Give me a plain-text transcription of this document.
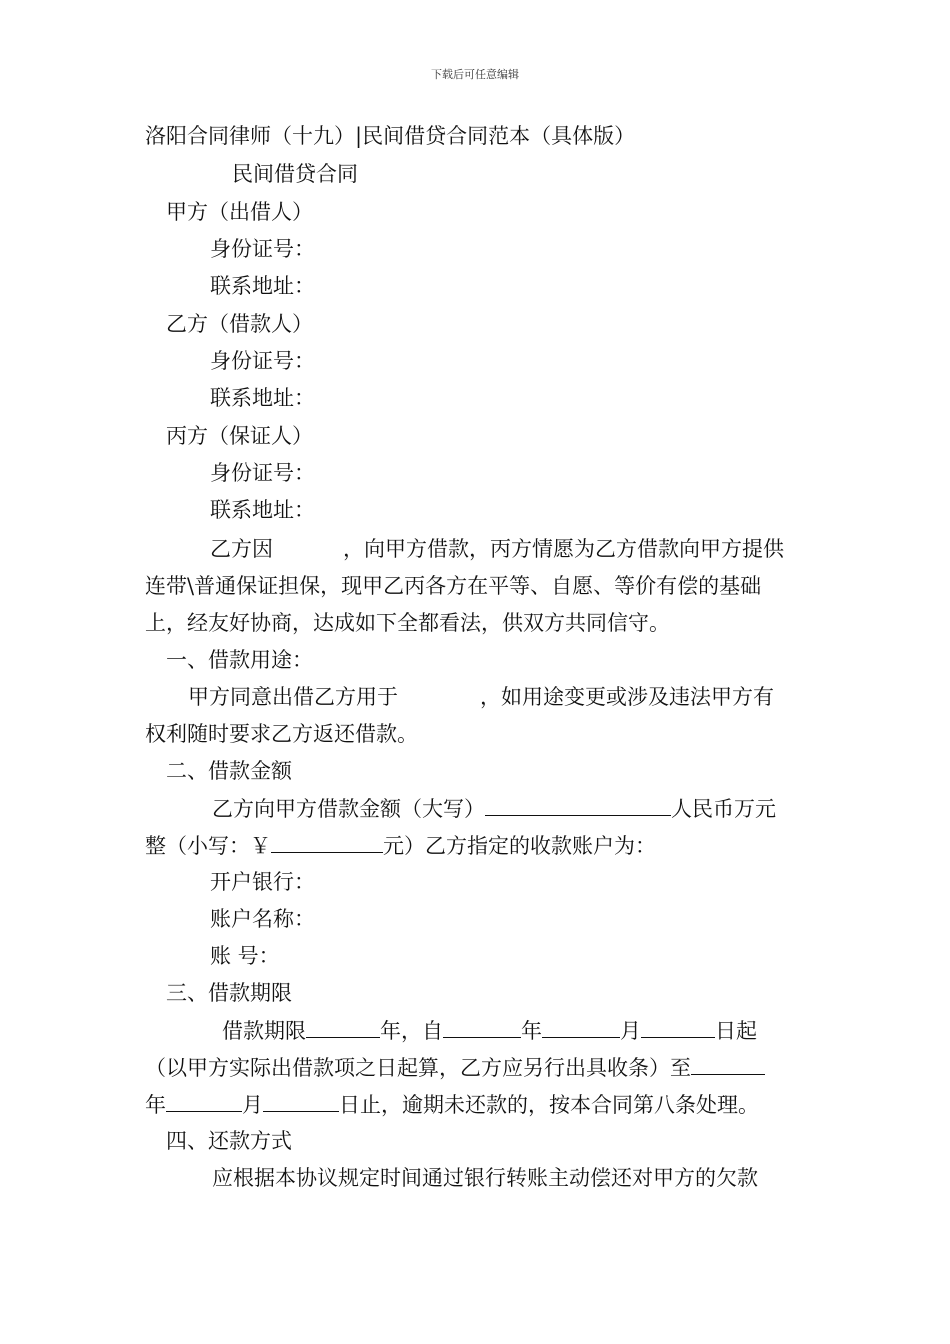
下载后可任意编辑
洛阳合同律师（十九）|民间借贷合同范本（具体版）
民间借贷合同
甲方（出借人）
身份证号：
联系地址：
乙方（借款人）
身份证号：
联系地址：
丙方（保证人）
身份证号：
联系地址：
乙方因	，向甲方借款，丙方情愿为乙方借款向甲方提供
连带\普通保证担保，现甲乙丙各方在平等、自愿、等价有偿的基础
上，经友好协商，达成如下全都看法，供双方共同信守。
一、借款用途：
甲方同意出借乙方用于	，如用途变更或涉及违法甲方有
权利随时要求乙方返还借款。
二、借款金额
乙方向甲方借款金额（大写）	人民币万元
整（小写：￥	元）乙方指定的收款账户为：
开户银行：
账户名称：
账 号：
三、借款期限
借款期限	年，自	年	月	日起
（以甲方实际出借款项之日起算，乙方应另行出具收条）至
年	月	日止，逾期未还款的，按本合同第八条处理。
四、还款方式
应根据本协议规定时间通过银行转账主动偿还对甲方的欠款
